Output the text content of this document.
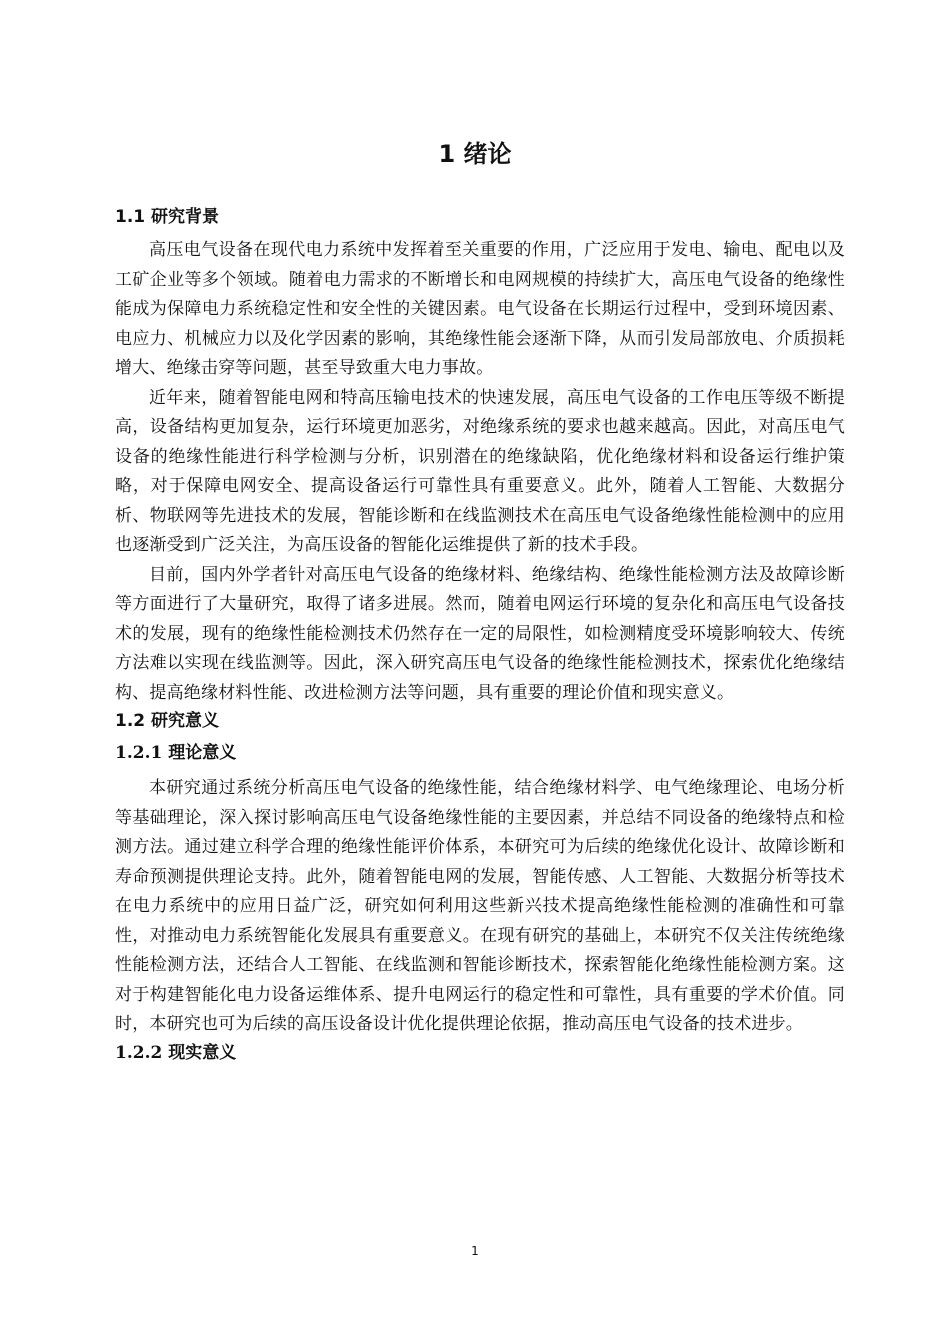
1 绪论
1.1 研究背景

高压电气设备在现代电力系统中发挥着至关重要的作用，广泛应用于发电、输电、配电以及工矿企业等多个领域。随着电力需求的不断增长和电网规模的持续扩大，高压电气设备的绝缘性能成为保障电力系统稳定性和安全性的关键因素。电气设备在长期运行过程中，受到环境因素、电应力、机械应力以及化学因素的影响，其绝缘性能会逐渐下降，从而引发局部放电、介质损耗增大、绝缘击穿等问题，甚至导致重大电力事故。

近年来，随着智能电网和特高压输电技术的快速发展，高压电气设备的工作电压等级不断提高，设备结构更加复杂，运行环境更加恶劣，对绝缘系统的要求也越来越高。因此，对高压电气设备的绝缘性能进行科学检测与分析，识别潜在的绝缘缺陷，优化绝缘材料和设备运行维护策略，对于保障电网安全、提高设备运行可靠性具有重要意义。此外，随着人工智能、大数据分析、物联网等先进技术的发展，智能诊断和在线监测技术在高压电气设备绝缘性能检测中的应用也逐渐受到广泛关注，为高压设备的智能化运维提供了新的技术手段。

目前，国内外学者针对高压电气设备的绝缘材料、绝缘结构、绝缘性能检测方法及故障诊断等方面进行了大量研究，取得了诸多进展。然而，随着电网运行环境的复杂化和高压电气设备技术的发展，现有的绝缘性能检测技术仍然存在一定的局限性，如检测精度受环境影响较大、传统方法难以实现在线监测等。因此，深入研究高压电气设备的绝缘性能检测技术，探索优化绝缘结构、提高绝缘材料性能、改进检测方法等问题，具有重要的理论价值和现实意义。

1.2 研究意义
1.2.1 理论意义

本研究通过系统分析高压电气设备的绝缘性能，结合绝缘材料学、电气绝缘理论、电场分析等基础理论，深入探讨影响高压电气设备绝缘性能的主要因素，并总结不同设备的绝缘特点和检测方法。通过建立科学合理的绝缘性能评价体系，本研究可为后续的绝缘优化设计、故障诊断和寿命预测提供理论支持。此外，随着智能电网的发展，智能传感、人工智能、大数据分析等技术在电力系统中的应用日益广泛，研究如何利用这些新兴技术提高绝缘性能检测的准确性和可靠性，对推动电力系统智能化发展具有重要意义。在现有研究的基础上，本研究不仅关注传统绝缘性能检测方法，还结合人工智能、在线监测和智能诊断技术，探索智能化绝缘性能检测方案。这对于构建智能化电力设备运维体系、提升电网运行的稳定性和可靠性，具有重要的学术价值。同时，本研究也可为后续的高压设备设计优化提供理论依据，推动高压电气设备的技术进步。

1.2.2 现实意义
1
